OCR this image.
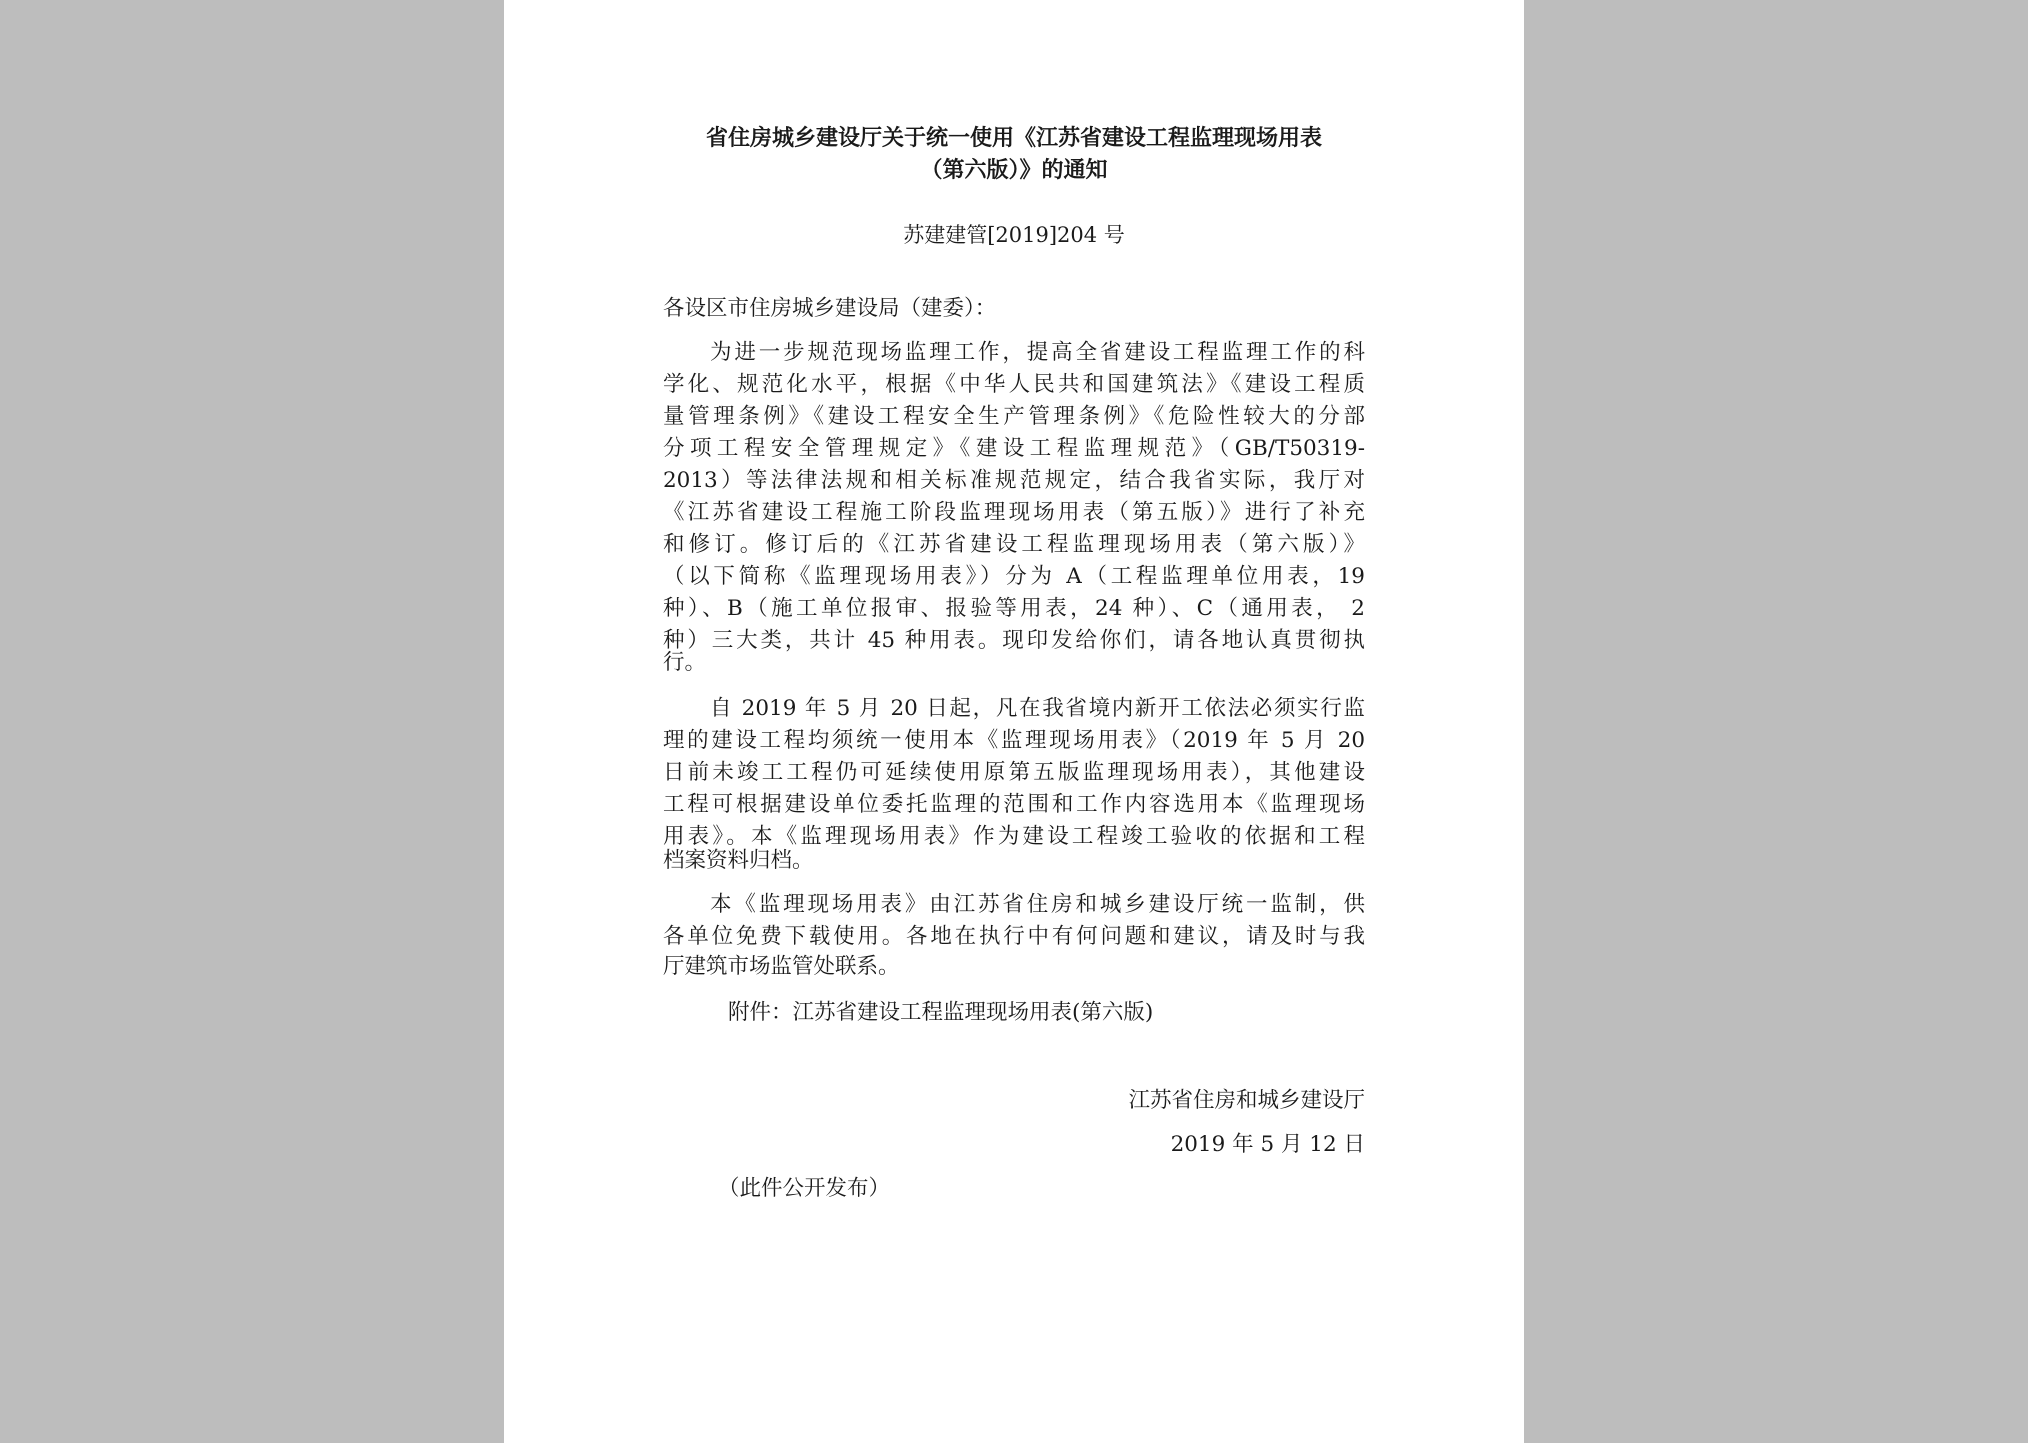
省住房城乡建设厅关于统一使用《江苏省建设工程监理现场用表
（第六版）》的通知
苏建建管[2019]204 号
各设区市住房城乡建设局（建委）：
为进一步规范现场监理工作，提高全省建设工程监理工作的科
学化、规范化水平，根据《中华人民共和国建筑法》《建设工程质
量管理条例》《建设工程安全生产管理条例》《危险性较大的分部
分项工程安全管理规定》《建设工程监理规范》（GB/T50319-
2013）等法律法规和相关标准规范规定，结合我省实际，我厅对
《江苏省建设工程施工阶段监理现场用表（第五版）》进行了补充
和修订。修订后的《江苏省建设工程监理现场用表（第六版）》
（以下简称《监理现场用表》）分为 A（工程监理单位用表，19
种）、B（施工单位报审、报验等用表，24 种）、C（通用表， 2
种）三大类，共计 45 种用表。现印发给你们，请各地认真贯彻执
行。
自 2019 年 5 月 20 日起，凡在我省境内新开工依法必须实行监
理的建设工程均须统一使用本《监理现场用表》（2019 年 5 月 20
日前未竣工工程仍可延续使用原第五版监理现场用表），其他建设
工程可根据建设单位委托监理的范围和工作内容选用本《监理现场
用表》。本《监理现场用表》作为建设工程竣工验收的依据和工程
档案资料归档。
本《监理现场用表》由江苏省住房和城乡建设厅统一监制，供
各单位免费下载使用。各地在执行中有何问题和建议，请及时与我
厅建筑市场监管处联系。
附件：江苏省建设工程监理现场用表(第六版)
江苏省住房和城乡建设厅
2019 年 5 月 12 日
（此件公开发布）
